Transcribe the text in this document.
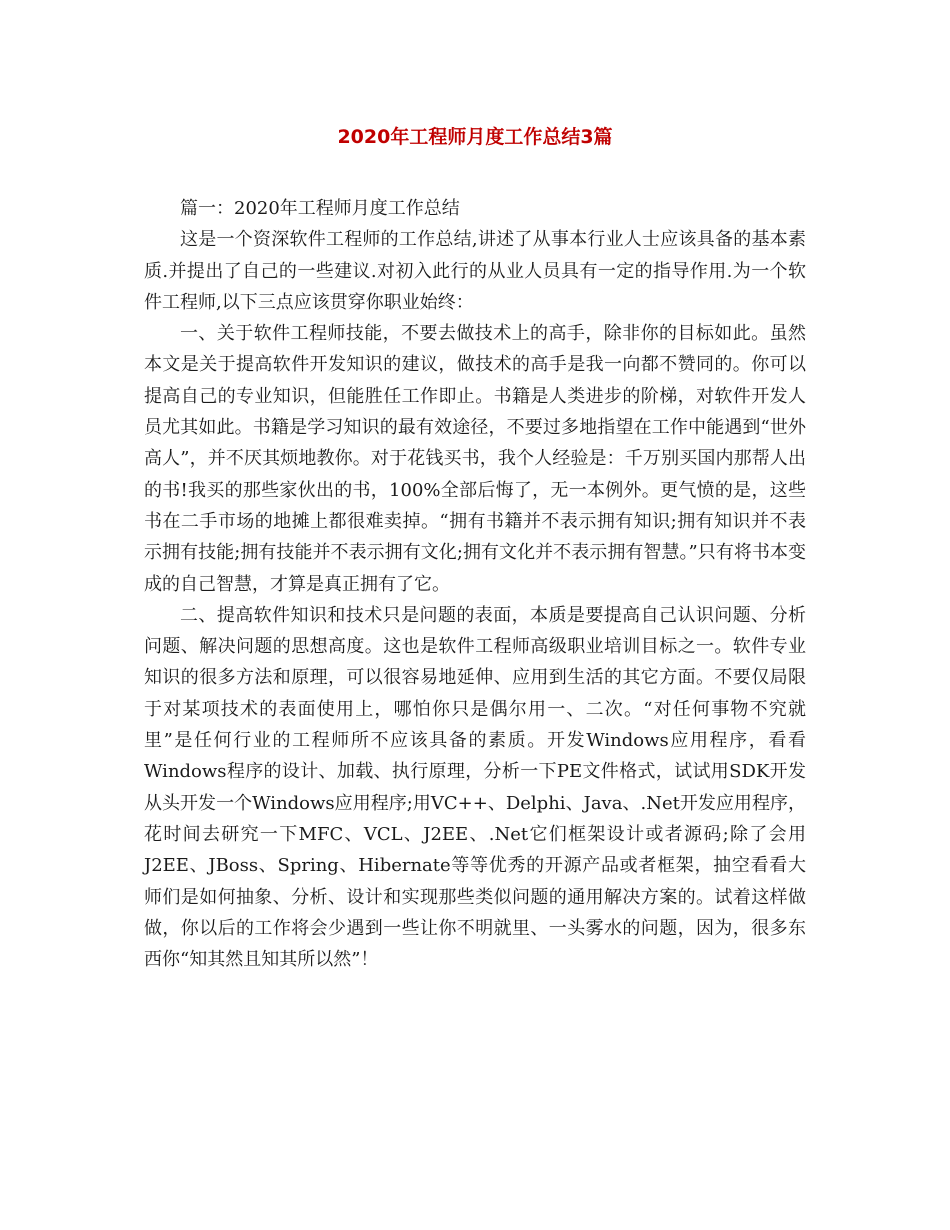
2020年工程师月度工作总结3篇

篇一：2020年工程师月度工作总结

这是一个资深软件工程师的工作总结,讲述了从事本行业人士应该具备的基本素质.并提出了自己的一些建议.对初入此行的从业人员具有一定的指导作用.为一个软件工程师,以下三点应该贯穿你职业始终：

一、关于软件工程师技能，不要去做技术上的高手，除非你的目标如此。虽然本文是关于提高软件开发知识的建议，做技术的高手是我一向都不赞同的。你可以提高自己的专业知识，但能胜任工作即止。书籍是人类进步的阶梯，对软件开发人员尤其如此。书籍是学习知识的最有效途径，不要过多地指望在工作中能遇到“世外高人”，并不厌其烦地教你。对于花钱买书，我个人经验是：千万别买国内那帮人出的书!我买的那些家伙出的书，100%全部后悔了，无一本例外。更气愤的是，这些书在二手市场的地摊上都很难卖掉。“拥有书籍并不表示拥有知识;拥有知识并不表示拥有技能;拥有技能并不表示拥有文化;拥有文化并不表示拥有智慧。”只有将书本变成的自己智慧，才算是真正拥有了它。

二、提高软件知识和技术只是问题的表面，本质是要提高自己认识问题、分析问题、解决问题的思想高度。这也是软件工程师高级职业培训目标之一。软件专业知识的很多方法和原理，可以很容易地延伸、应用到生活的其它方面。不要仅局限于对某项技术的表面使用上，哪怕你只是偶尔用一、二次。“对任何事物不究就里”是任何行业的工程师所不应该具备的素质。开发Windows应用程序，看看Windows程序的设计、加载、执行原理，分析一下PE文件格式，试试用SDK开发从头开发一个Windows应用程序;用VC++、Delphi、Java、.Net开发应用程序，花时间去研究一下MFC、VCL、J2EE、.Net它们框架设计或者源码;除了会用J2EE、JBoss、Spring、Hibernate等等优秀的开源产品或者框架，抽空看看大师们是如何抽象、分析、设计和实现那些类似问题的通用解决方案的。试着这样做做，你以后的工作将会少遇到一些让你不明就里、一头雾水的问题，因为，很多东西你“知其然且知其所以然”！
